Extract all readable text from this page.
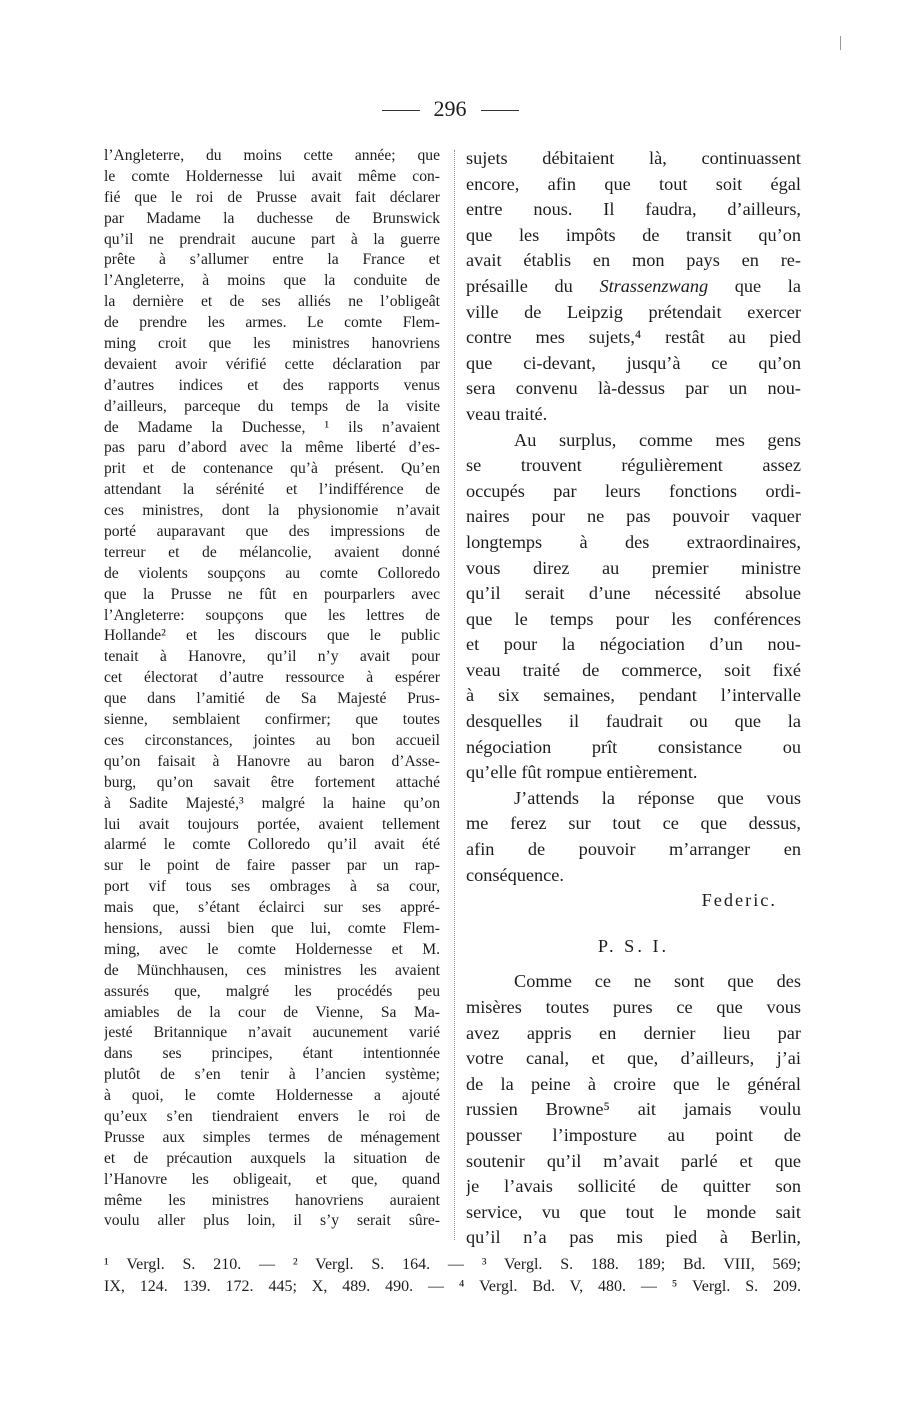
296
l’Angleterre, du moins cette année; que
le comte Holdernesse lui avait même con-
fié que le roi de Prusse avait fait déclarer
par Madame la duchesse de Brunswick
qu’il ne prendrait aucune part à la guerre
prête à s’allumer entre la France et
l’Angleterre, à moins que la conduite de
la dernière et de ses alliés ne l’obligeât
de prendre les armes. Le comte Flem-
ming croit que les ministres hanovriens
devaient avoir vérifié cette déclaration par
d’autres indices et des rapports venus
d’ailleurs, parceque du temps de la visite
de Madame la Duchesse, ¹ ils n’avaient
pas paru d’abord avec la même liberté d’es-
prit et de contenance qu’à présent. Qu’en
attendant la sérénité et l’indifférence de
ces ministres, dont la physionomie n’avait
porté auparavant que des impressions de
terreur et de mélancolie, avaient donné
de violents soupçons au comte Colloredo
que la Prusse ne fût en pourparlers avec
l’Angleterre: soupçons que les lettres de
Hollande² et les discours que le public
tenait à Hanovre, qu’il n’y avait pour
cet électorat d’autre ressource à espérer
que dans l’amitié de Sa Majesté Prus-
sienne, semblaient confirmer; que toutes
ces circonstances, jointes au bon accueil
qu’on faisait à Hanovre au baron d’Asse-
burg, qu’on savait être fortement attaché
à Sadite Majesté,³ malgré la haine qu’on
lui avait toujours portée, avaient tellement
alarmé le comte Colloredo qu’il avait été
sur le point de faire passer par un rap-
port vif tous ses ombrages à sa cour,
mais que, s’étant éclairci sur ses appré-
hensions, aussi bien que lui, comte Flem-
ming, avec le comte Holdernesse et M.
de Münchhausen, ces ministres les avaient
assurés que, malgré les procédés peu
amiables de la cour de Vienne, Sa Ma-
jesté Britannique n’avait aucunement varié
dans ses principes, étant intentionnée
plutôt de s’en tenir à l’ancien système;
à quoi, le comte Holdernesse a ajouté
qu’eux s’en tiendraient envers le roi de
Prusse aux simples termes de ménagement
et de précaution auxquels la situation de
l’Hanovre les obligeait, et que, quand
même les ministres hanovriens auraient
voulu aller plus loin, il s’y serait sûre-
sujets débitaient là, continuassent
encore, afin que tout soit égal
entre nous. Il faudra, d’ailleurs,
que les impôts de transit qu’on
avait établis en mon pays en re-
présaille du Strassenzwang que la
ville de Leipzig prétendait exercer
contre mes sujets,⁴ restât au pied
que ci-devant, jusqu’à ce qu’on
sera convenu là-dessus par un nou-
veau traité.
Au surplus, comme mes gens
se trouvent régulièrement assez
occupés par leurs fonctions ordi-
naires pour ne pas pouvoir vaquer
longtemps à des extraordinaires,
vous direz au premier ministre
qu’il serait d’une nécessité absolue
que le temps pour les conférences
et pour la négociation d’un nou-
veau traité de commerce, soit fixé
à six semaines, pendant l’intervalle
desquelles il faudrait ou que la
négociation prît consistance ou
qu’elle fût rompue entièrement.
J’attends la réponse que vous
me ferez sur tout ce que dessus,
afin de pouvoir m’arranger en
conséquence.
Federic.
P. S. I.
Comme ce ne sont que des
misères toutes pures ce que vous
avez appris en dernier lieu par
votre canal, et que, d’ailleurs, j’ai
de la peine à croire que le général
russien Browne⁵ ait jamais voulu
pousser l’imposture au point de
soutenir qu’il m’avait parlé et que
je l’avais sollicité de quitter son
service, vu que tout le monde sait
qu’il n’a pas mis pied à Berlin,
¹ Vergl. S. 210. — ² Vergl. S. 164. — ³ Vergl. S. 188. 189; Bd. VIII, 569;
IX, 124. 139. 172. 445; X, 489. 490. — ⁴ Vergl. Bd. V, 480. — ⁵ Vergl. S. 209.
